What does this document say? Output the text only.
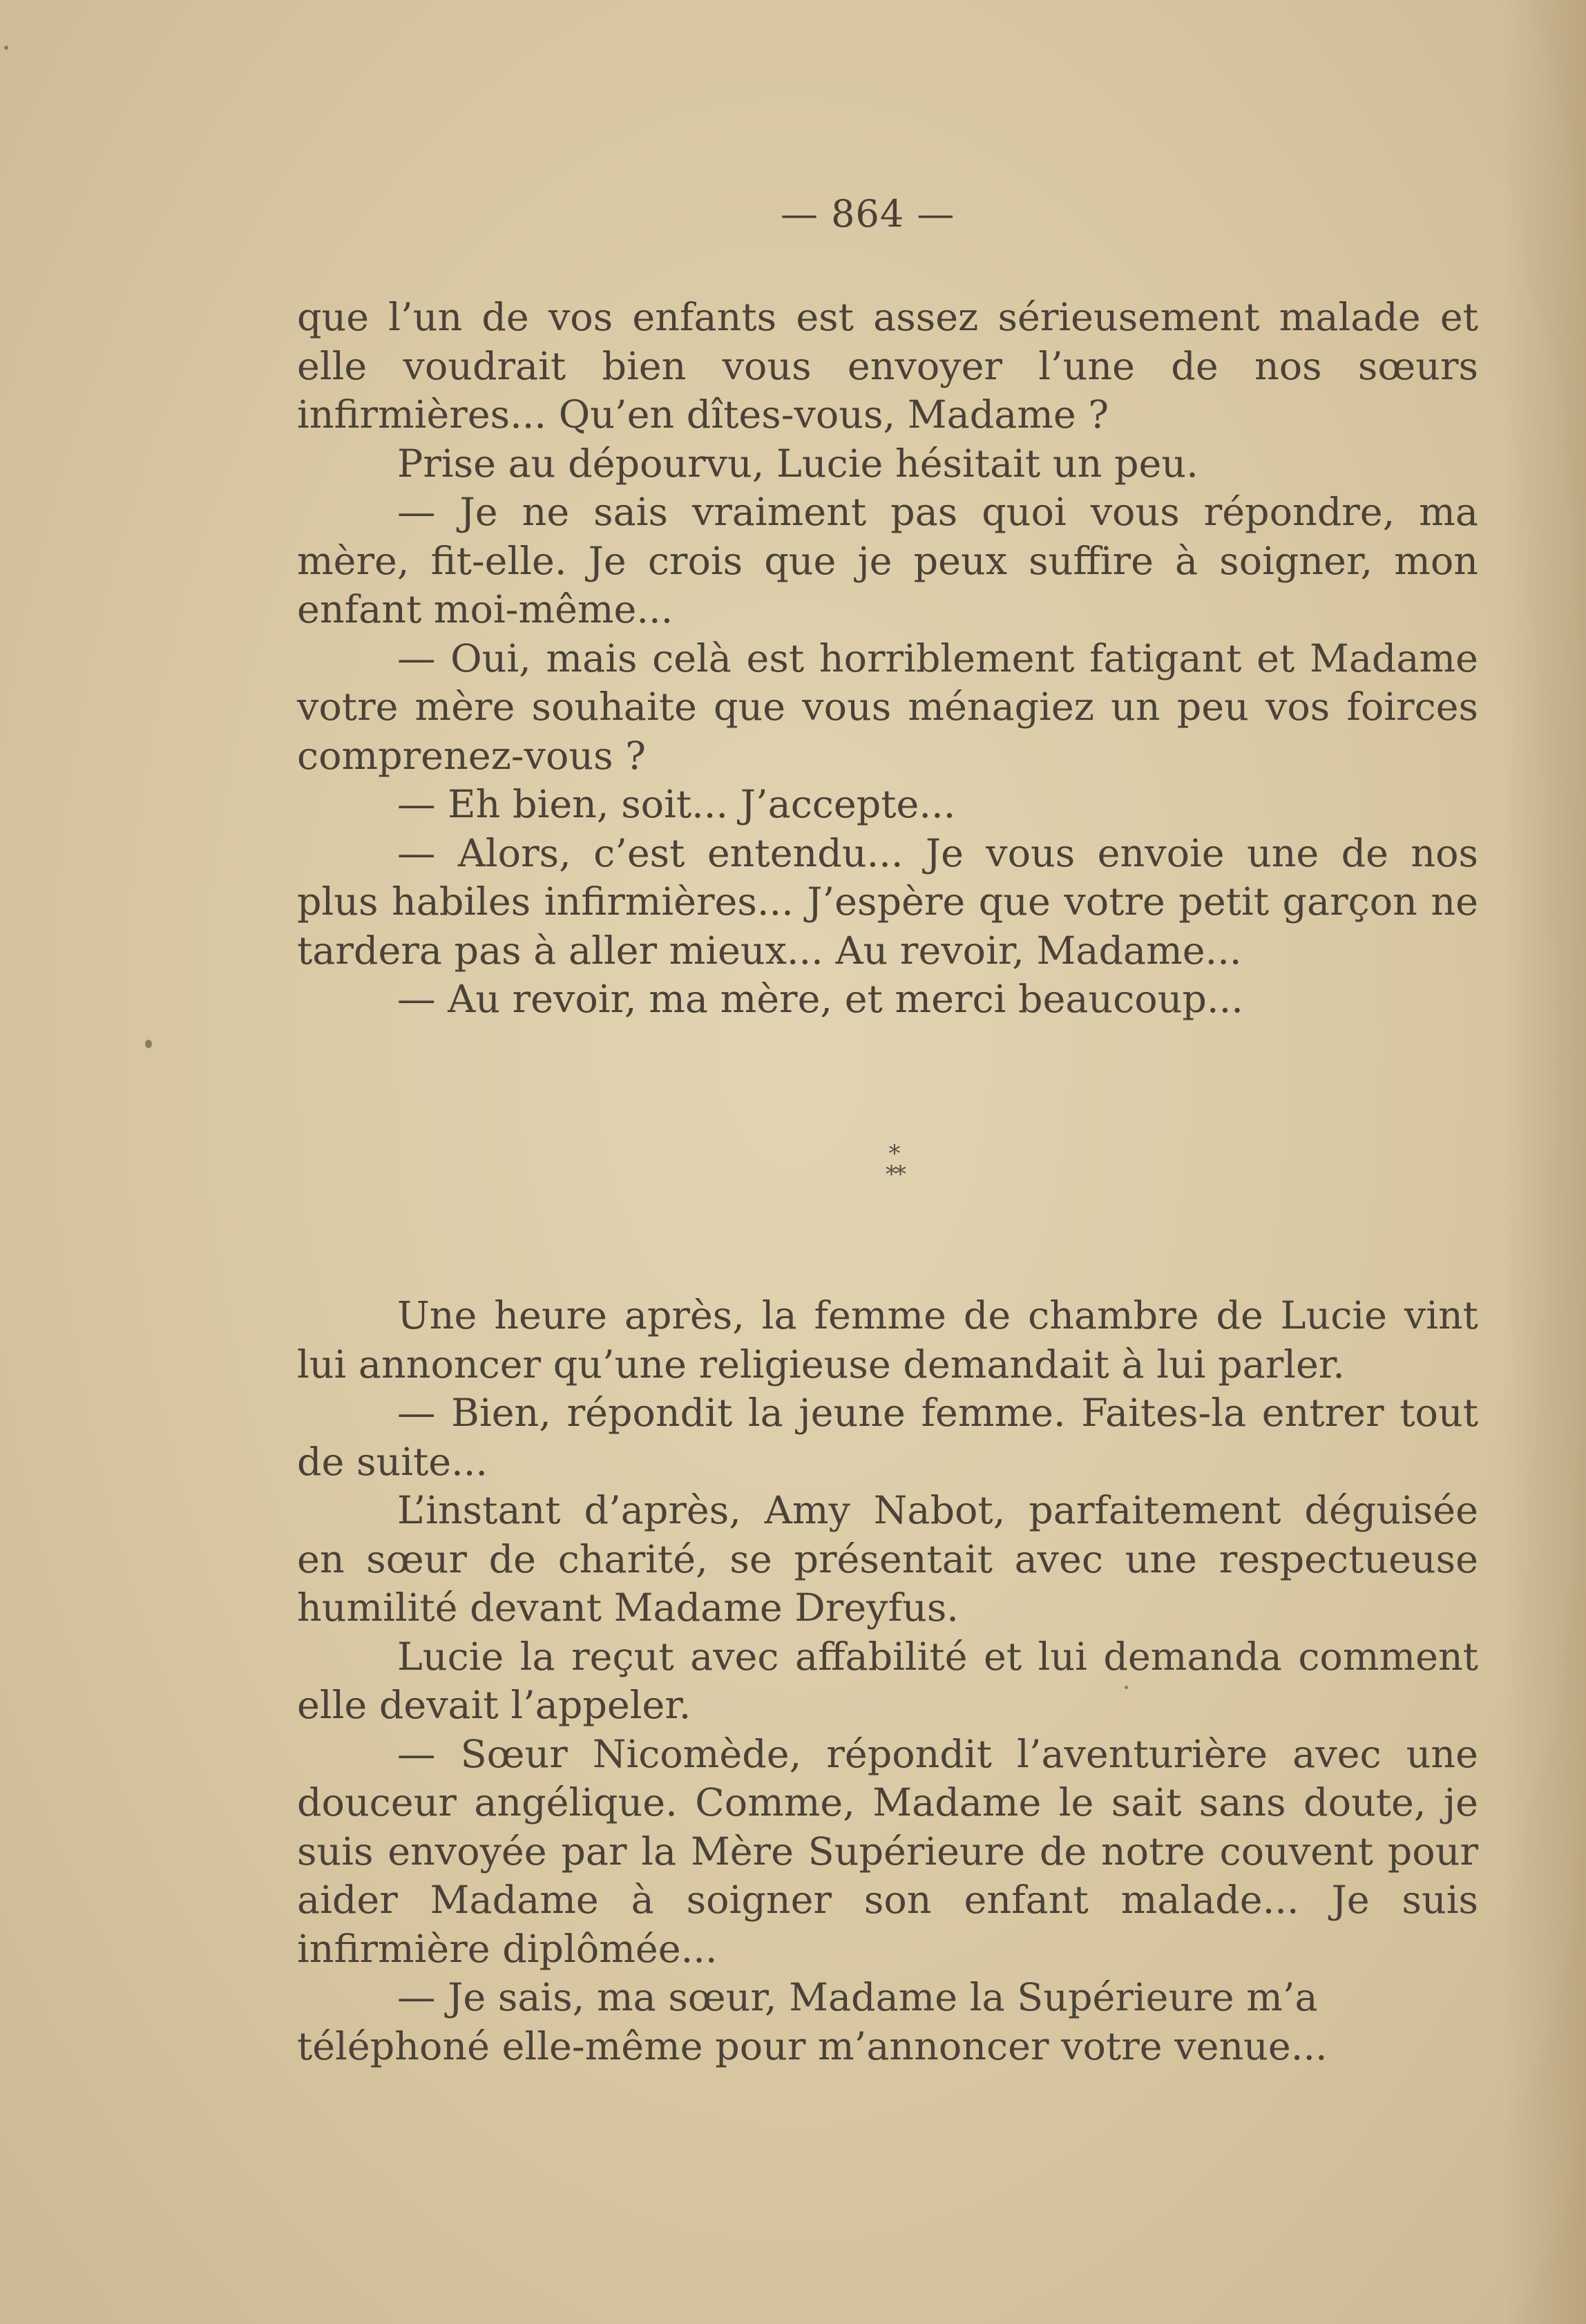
— 864 —

que l’un de vos enfants est assez sérieusement malade et elle voudrait bien vous envoyer l’une de nos sœurs infirmières... Qu’en dîtes-vous, Madame ?

Prise au dépourvu, Lucie hésitait un peu.

— Je ne sais vraiment pas quoi vous répondre, ma mère, fit-elle. Je crois que je peux suffire à soigner, mon enfant moi-même...

— Oui, mais celà est horriblement fatigant et Madame votre mère souhaite que vous ménagiez un peu vos foirces comprenez-vous ?

— Eh bien, soit... J’accepte...

— Alors, c’est entendu... Je vous envoie une de nos plus habiles infirmières... J’espère que votre petit garçon ne tardera pas à aller mieux... Au revoir, Madame...

— Au revoir, ma mère, et merci beaucoup...

*
**

Une heure après, la femme de chambre de Lucie vint lui annoncer qu’une religieuse demandait à lui parler.

— Bien, répondit la jeune femme. Faites-la entrer tout de suite...

L’instant d’après, Amy Nabot, parfaitement déguisée en sœur de charité, se présentait avec une respectueuse humilité devant Madame Dreyfus.

Lucie la reçut avec affabilité et lui demanda comment elle devait l’appeler.

— Sœur Nicomède, répondit l’aventurière avec une douceur angélique. Comme, Madame le sait sans doute, je suis envoyée par la Mère Supérieure de notre couvent pour aider Madame à soigner son enfant malade... Je suis infirmière diplômée...

— Je sais, ma sœur, Madame la Supérieure m’a téléphoné elle-même pour m’annoncer votre venue...
